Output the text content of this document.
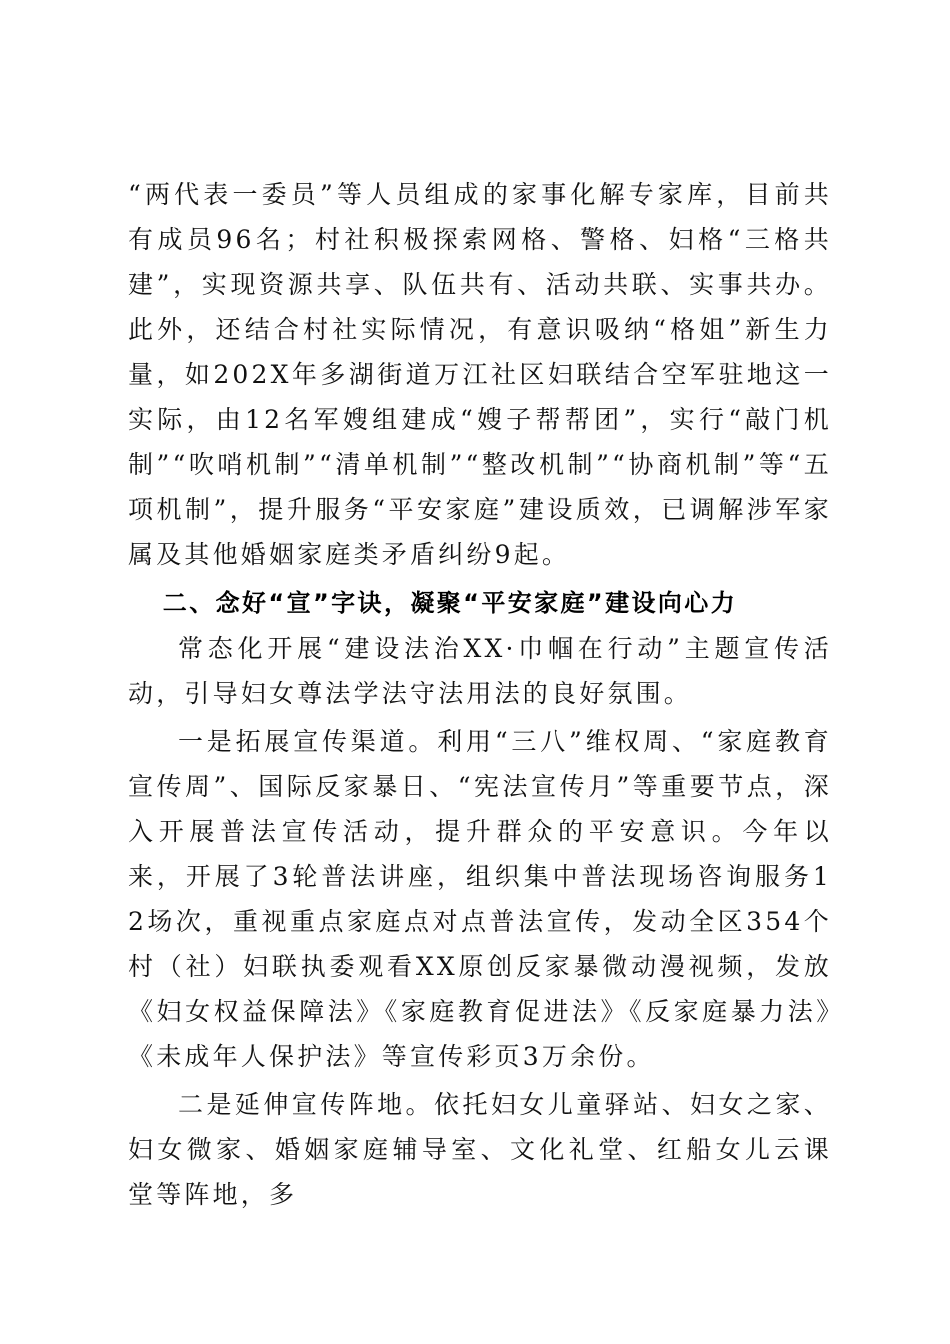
“两代表一委员”等人员组成的家事化解专家库，目前共有成员96名；村社积极探索网格、警格、妇格“三格共建”，实现资源共享、队伍共有、活动共联、实事共办。此外，还结合村社实际情况，有意识吸纳“格姐”新生力量，如202X年多湖街道万江社区妇联结合空军驻地这一实际，由12名军嫂组建成“嫂子帮帮团”，实行“敲门机制”“吹哨机制”“清单机制”“整改机制”“协商机制”等“五项机制”，提升服务“平安家庭”建设质效，已调解涉军家属及其他婚姻家庭类矛盾纠纷9起。

二、念好“宣”字诀，凝聚“平安家庭”建设向心力

常态化开展“建设法治XX·巾帼在行动”主题宣传活动，引导妇女尊法学法守法用法的良好氛围。

一是拓展宣传渠道。利用“三八”维权周、“家庭教育宣传周”、国际反家暴日、“宪法宣传月”等重要节点，深入开展普法宣传活动，提升群众的平安意识。今年以来，开展了3轮普法讲座，组织集中普法现场咨询服务12场次，重视重点家庭点对点普法宣传，发动全区354个村（社）妇联执委观看XX原创反家暴微动漫视频，发放《妇女权益保障法》《家庭教育促进法》《反家庭暴力法》《未成年人保护法》等宣传彩页3万余份。

二是延伸宣传阵地。依托妇女儿童驿站、妇女之家、妇女微家、婚姻家庭辅导室、文化礼堂、红船女儿云课堂等阵地，多
